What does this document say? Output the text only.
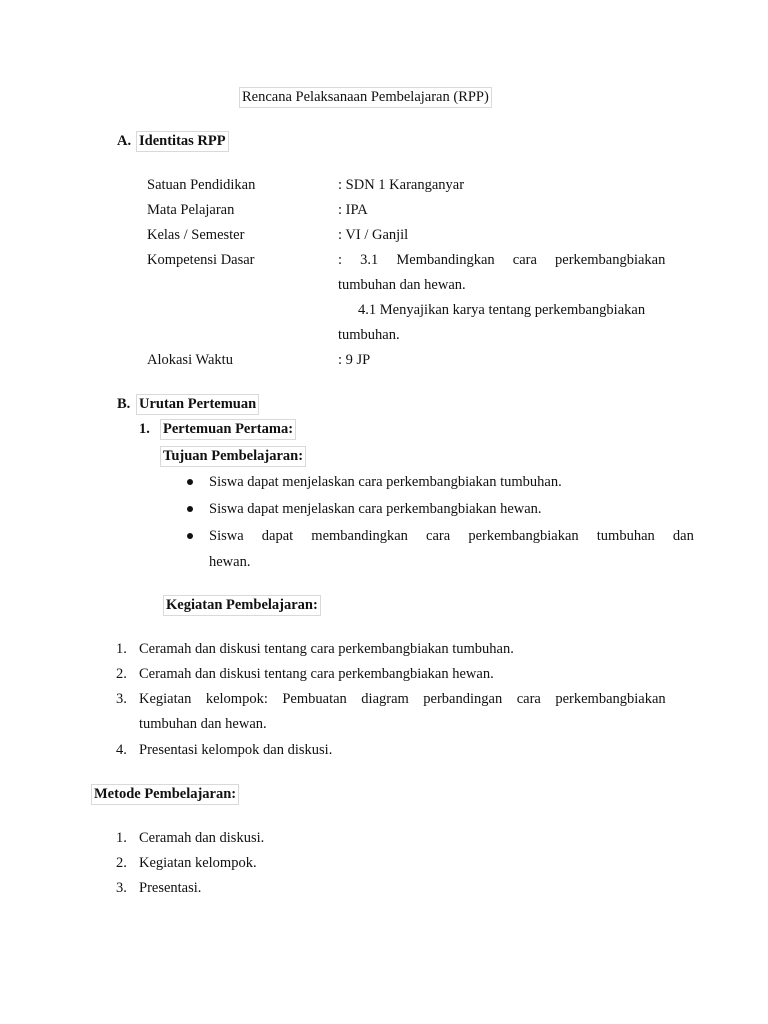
Rencana Pelaksanaan Pembelajaran (RPP)
A. Identitas RPP
Satuan Pendidikan	: SDN 1 Karanganyar
Mata Pelajaran	: IPA
Kelas / Semester	: VI / Ganjil
Kompetensi Dasar	:     3.1     Membandingkan     cara     perkembangbiakan
tumbuhan dan hewan.
4.1 Menyajikan karya tentang perkembangbiakan
tumbuhan.
Alokasi Waktu	: 9 JP
B. Urutan Pertemuan
1. Pertemuan Pertama:
Tujuan Pembelajaran:
Siswa dapat menjelaskan cara perkembangbiakan tumbuhan.
Siswa dapat menjelaskan cara perkembangbiakan hewan.
Siswa     dapat     membandingkan     cara     perkembangbiakan     tumbuhan     dan
hewan.
Kegiatan Pembelajaran:
1. Ceramah dan diskusi tentang cara perkembangbiakan tumbuhan.
2. Ceramah dan diskusi tentang cara perkembangbiakan hewan.
3. Kegiatan    kelompok:    Pembuatan    diagram    perbandingan    cara    perkembangbiakan
tumbuhan dan hewan.
4. Presentasi kelompok dan diskusi.
Metode Pembelajaran:
1. Ceramah dan diskusi.
2. Kegiatan kelompok.
3. Presentasi.
